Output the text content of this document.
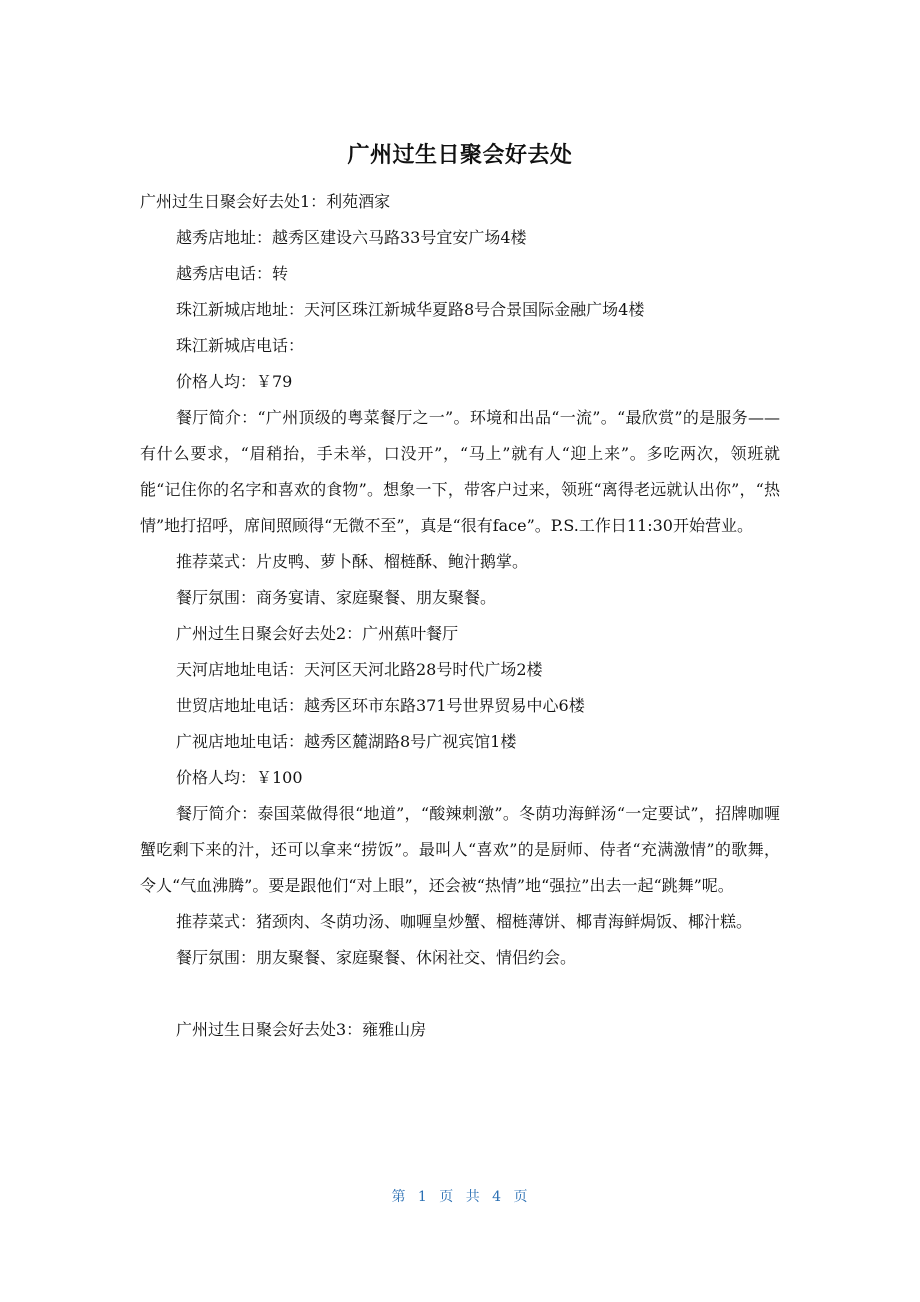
广州过生日聚会好去处

广州过生日聚会好去处1：利苑酒家

越秀店地址：越秀区建设六马路33号宜安广场4楼

越秀店电话：转

珠江新城店地址：天河区珠江新城华夏路8号合景国际金融广场4楼

珠江新城店电话：

价格人均：￥79

餐厅简介：“广州顶级的粤菜餐厅之一”。环境和出品“一流”。“最欣赏”的是服务——有什么要求，“眉稍抬，手未举，口没开”，“马上”就有人“迎上来”。多吃两次，领班就能“记住你的名字和喜欢的食物”。想象一下，带客户过来，领班“离得老远就认出你”，“热情”地打招呼，席间照顾得“无微不至”，真是“很有face”。P.S.工作日11:30开始营业。

推荐菜式：片皮鸭、萝卜酥、榴梿酥、鲍汁鹅掌。

餐厅氛围：商务宴请、家庭聚餐、朋友聚餐。

广州过生日聚会好去处2：广州蕉叶餐厅

天河店地址电话：天河区天河北路28号时代广场2楼

世贸店地址电话：越秀区环市东路371号世界贸易中心6楼

广视店地址电话：越秀区麓湖路8号广视宾馆1楼

价格人均：￥100

餐厅简介：泰国菜做得很“地道”，“酸辣刺激”。冬荫功海鲜汤“一定要试”，招牌咖喱蟹吃剩下来的汁，还可以拿来“捞饭”。最叫人“喜欢”的是厨师、侍者“充满激情”的歌舞，令人“气血沸腾”。要是跟他们“对上眼”，还会被“热情”地“强拉”出去一起“跳舞”呢。

推荐菜式：猪颈肉、冬荫功汤、咖喱皇炒蟹、榴梿薄饼、椰青海鲜焗饭、椰汁糕。

餐厅氛围：朋友聚餐、家庭聚餐、休闲社交、情侣约会。

广州过生日聚会好去处3：雍雅山房

第 1 页 共 4 页
